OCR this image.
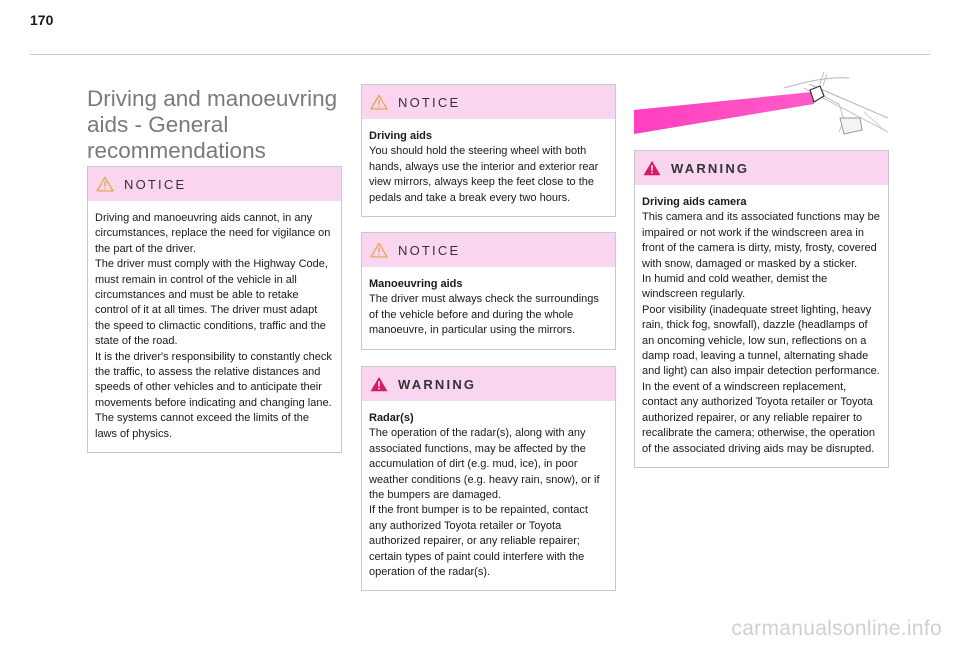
170
Driving and manoeuvring aids - General recommendations
NOTICE

Driving and manoeuvring aids cannot, in any circumstances, replace the need for vigilance on the part of the driver.
The driver must comply with the Highway Code, must remain in control of the vehicle in all circumstances and must be able to retake control of it at all times. The driver must adapt the speed to climactic conditions, traffic and the state of the road.
It is the driver's responsibility to constantly check the traffic, to assess the relative distances and speeds of other vehicles and to anticipate their movements before indicating and changing lane.
The systems cannot exceed the limits of the laws of physics.

NOTICE
Driving aids

You should hold the steering wheel with both hands, always use the interior and exterior rear view mirrors, always keep the feet close to the pedals and take a break every two hours.

NOTICE
Manoeuvring aids

The driver must always check the surroundings of the vehicle before and during the whole manoeuvre, in particular using the mirrors.

WARNING
Radar(s)

The operation of the radar(s), along with any associated functions, may be affected by the accumulation of dirt (e.g. mud, ice), in poor weather conditions (e.g. heavy rain, snow), or if the bumpers are damaged.
If the front bumper is to be repainted, contact any authorized Toyota retailer or Toyota authorized repairer, or any reliable repairer; certain types of paint could interfere with the operation of the radar(s).

WARNING
Driving aids camera

This camera and its associated functions may be impaired or not work if the windscreen area in front of the camera is dirty, misty, frosty, covered with snow, damaged or masked by a sticker.
In humid and cold weather, demist the windscreen regularly.
Poor visibility (inadequate street lighting, heavy rain, thick fog, snowfall), dazzle (headlamps of an oncoming vehicle, low sun, reflections on a damp road, leaving a tunnel, alternating shade and light) can also impair detection performance.
In the event of a windscreen replacement, contact any authorized Toyota retailer or Toyota authorized repairer, or any reliable repairer to recalibrate the camera; otherwise, the operation of the associated driving aids may be disrupted.

carmanualsonline.info
